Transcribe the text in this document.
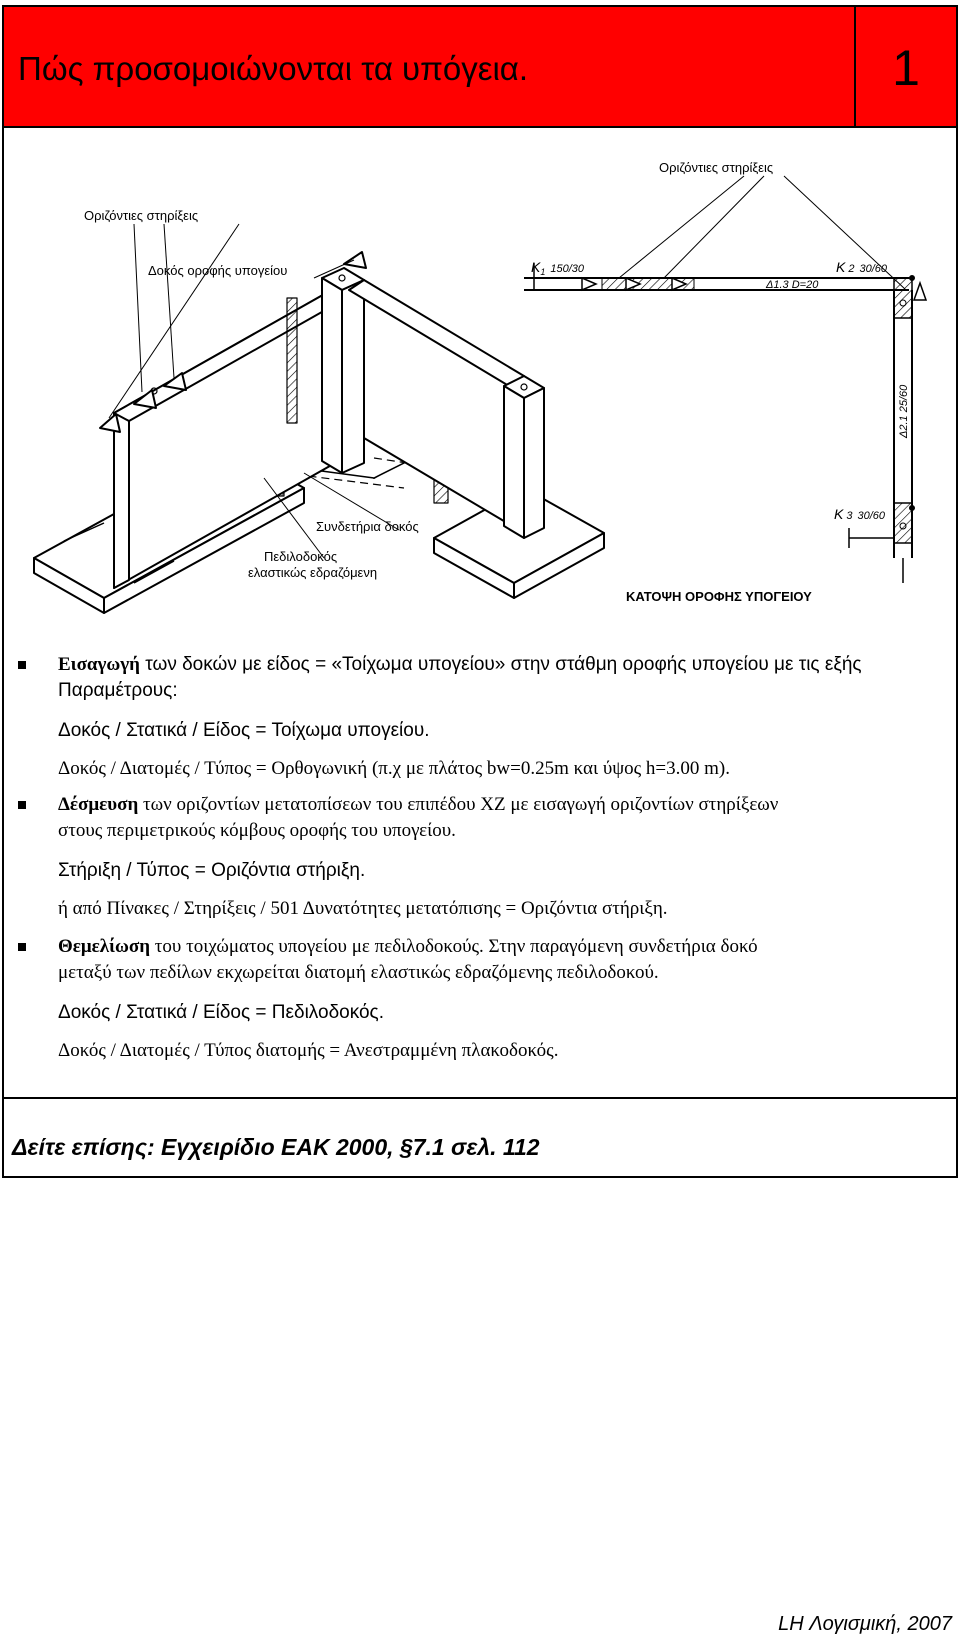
Πώς προσομοιώνονται τα υπόγεια.	1
Οριζόντιες στηρίξεις
Δοκός οροφής υπογείου
Συνδετήρια δοκός
Πεδιλοδοκός
ελαστικώς εδραζόμενη
Οριζόντιες στηρίξεις
$K_1$ 150/30	K 2 30/60
K 3 30/60
Δ1.3 D=20
Δ2.1 25/60
ΚΑΤΟΨΗ ΟΡΟΦΗΣ ΥΠΟΓΕΙΟΥ
Εισαγωγή των δοκών με είδος = «Τοίχωμα υπογείου» στην στάθμη οροφής υπογείου με τις εξής
Παραμέτρους:
Δοκός / Στατικά / Είδος = Τοίχωμα υπογείου.
Δοκός / Διατομές / Τύπος = Ορθογωνική (π.χ με πλάτος bw=0.25m και ύψος h=3.00 m).
Δέσμευση των οριζοντίων μετατοπίσεων του επιπέδου XZ με εισαγωγή οριζοντίων στηρίξεων
στους περιμετρικούς κόμβους οροφής του υπογείου.
Στήριξη / Τύπος = Οριζόντια στήριξη.
ή από Πίνακες / Στηρίξεις / 501 Δυνατότητες μετατόπισης = Οριζόντια στήριξη.
Θεμελίωση του τοιχώματος υπογείου με πεδιλοδοκούς. Στην παραγόμενη συνδετήρια δοκό
μεταξύ των πεδίλων εκχωρείται διατομή ελαστικώς εδραζόμενης πεδιλοδοκού.
Δοκός / Στατικά / Είδος = Πεδιλοδοκός.
Δοκός / Διατομές / Τύπος διατομής = Ανεστραμμένη πλακοδοκός.
Δείτε επίσης: Εγχειρίδιο ΕΑΚ 2000, §7.1 σελ. 112
LH Λογισμική, 2007
